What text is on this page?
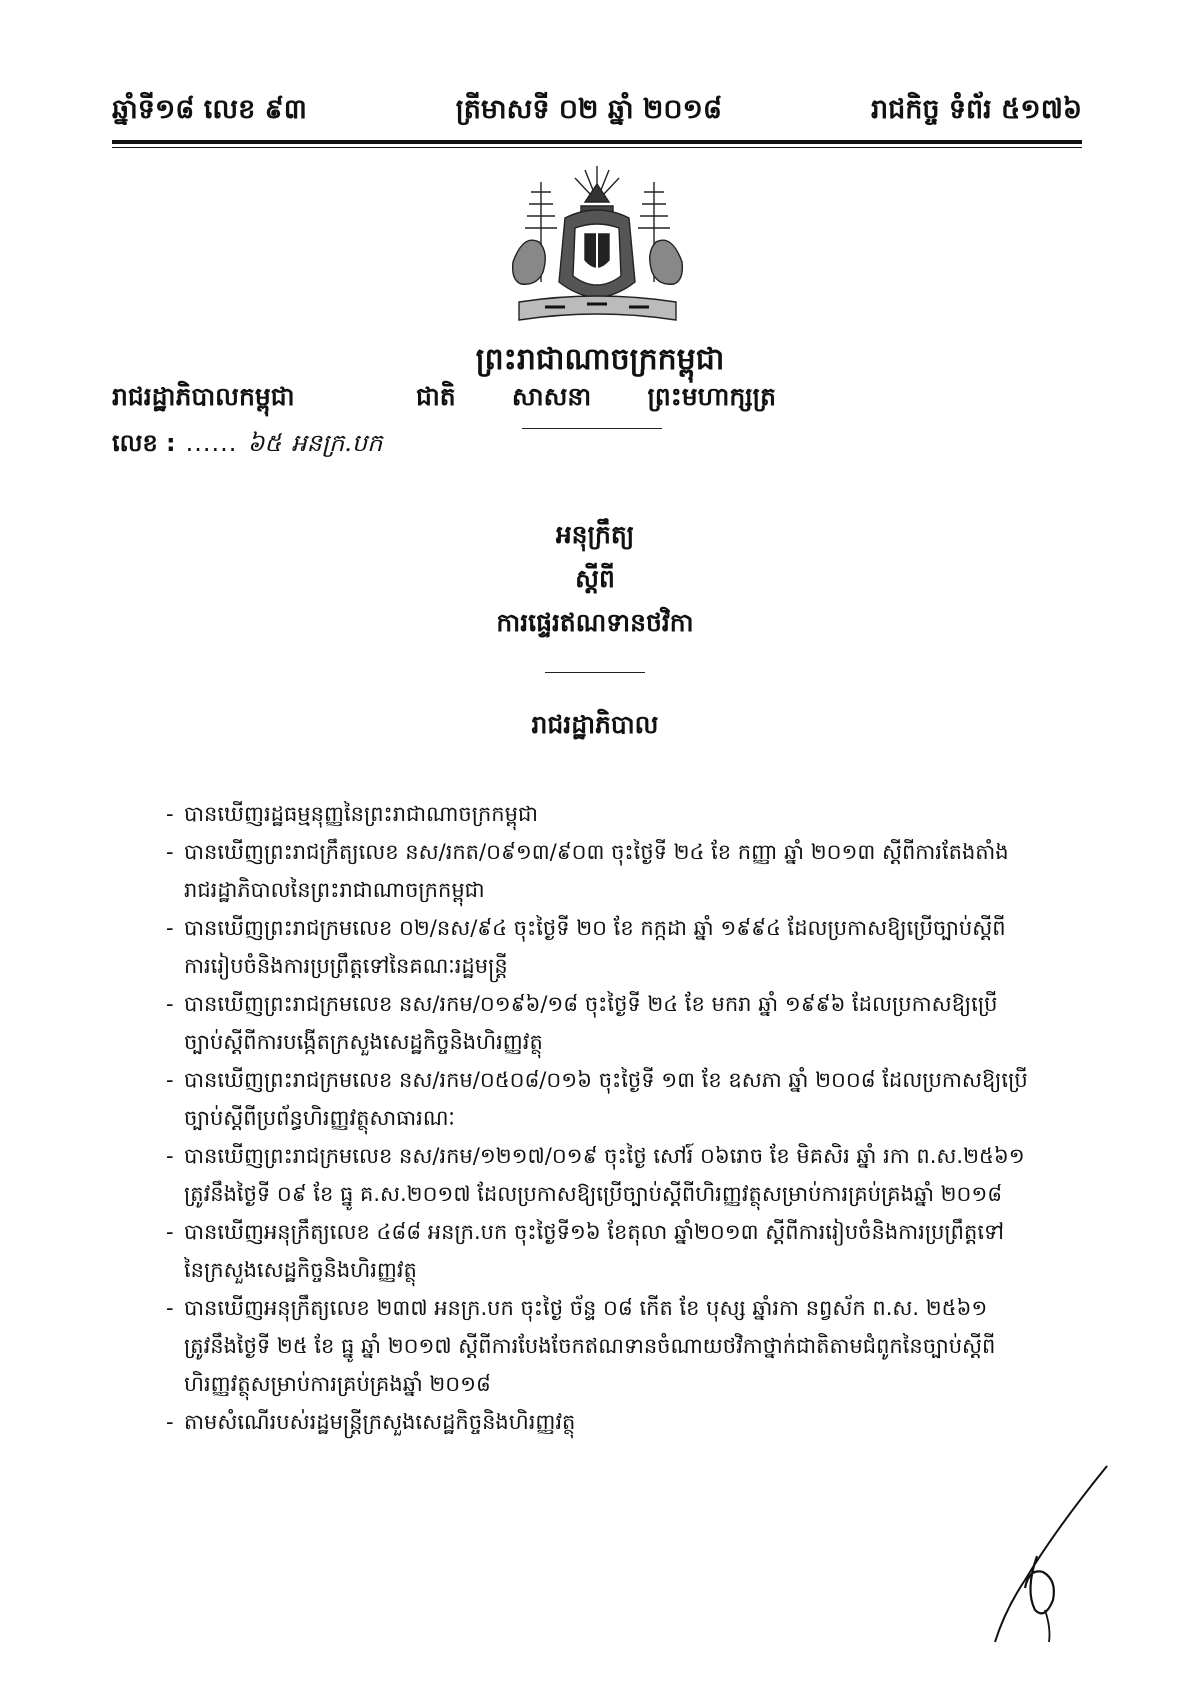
ឆ្នាំទី១៨ លេខ ៩៣	ត្រីមាសទី ០២ ឆ្នាំ ២០១៨	រាជកិច្ច ទំព័រ ៥១៧៦
ព្រះរាជាណាចក្រកម្ពុជា
រាជរដ្ឋាភិបាលកម្ពុជា	ជាតិ សាសនា ព្រះមហាក្សត្រ
លេខ : ...... ៦៥ អនក្រ.បក
អនុក្រឹត្យ
ស្តីពី
ការផ្ទេរឥណទានថវិកា
រាជរដ្ឋាភិបាល
- បានឃើញរដ្ឋធម្មនុញ្ញនៃព្រះរាជាណាចក្រកម្ពុជា
- បានឃើញព្រះរាជក្រឹត្យលេខ នស/រកត/០៩១៣/៩០៣ ចុះថ្ងៃទី ២៤ ខែ កញ្ញា ឆ្នាំ ២០១៣ ស្តីពីការតែងតាំង
រាជរដ្ឋាភិបាលនៃព្រះរាជាណាចក្រកម្ពុជា
- បានឃើញព្រះរាជក្រមលេខ ០២/នស/៩៤ ចុះថ្ងៃទី ២០ ខែ កក្កដា ឆ្នាំ ១៩៩៤ ដែលប្រកាសឱ្យប្រើច្បាប់ស្តីពី
ការរៀបចំនិងការប្រព្រឹត្តទៅនៃគណៈរដ្ឋមន្ត្រី
- បានឃើញព្រះរាជក្រមលេខ នស/រកម/០១៩៦/១៨ ចុះថ្ងៃទី ២៤ ខែ មករា ឆ្នាំ ១៩៩៦ ដែលប្រកាសឱ្យប្រើ
ច្បាប់ស្តីពីការបង្កើតក្រសួងសេដ្ឋកិច្ចនិងហិរញ្ញវត្ថុ
- បានឃើញព្រះរាជក្រមលេខ នស/រកម/០៥០៨/០១៦ ចុះថ្ងៃទី ១៣ ខែ ឧសភា ឆ្នាំ ២០០៨ ដែលប្រកាសឱ្យប្រើ
ច្បាប់ស្តីពីប្រព័ន្ធហិរញ្ញវត្ថុសាធារណៈ
- បានឃើញព្រះរាជក្រមលេខ នស/រកម/១២១៧/០១៩ ចុះថ្ងៃ សៅរ៍ ០៦រោច ខែ មិគសិរ ឆ្នាំ រកា ព.ស.២៥៦១
ត្រូវនឹងថ្ងៃទី ០៩ ខែ ធ្នូ គ.ស.២០១៧ ដែលប្រកាសឱ្យប្រើច្បាប់ស្តីពីហិរញ្ញវត្ថុសម្រាប់ការគ្រប់គ្រងឆ្នាំ ២០១៨
- បានឃើញអនុក្រឹត្យលេខ ៤៨៨ អនក្រ.បក ចុះថ្ងៃទី១៦ ខែតុលា ឆ្នាំ២០១៣ ស្តីពីការរៀបចំនិងការប្រព្រឹត្តទៅ
នៃក្រសួងសេដ្ឋកិច្ចនិងហិរញ្ញវត្ថុ
- បានឃើញអនុក្រឹត្យលេខ ២៣៧ អនក្រ.បក ចុះថ្ងៃ ច័ន្ទ ០៨ កើត ខែ បុស្ស ឆ្នាំរកា នព្វស័ក ព.ស. ២៥៦១
ត្រូវនឹងថ្ងៃទី ២៥ ខែ ធ្នូ ឆ្នាំ ២០១៧ ស្តីពីការបែងចែកឥណទានចំណាយថវិកាថ្នាក់ជាតិតាមជំពូកនៃច្បាប់ស្តីពី
ហិរញ្ញវត្ថុសម្រាប់ការគ្រប់គ្រងឆ្នាំ ២០១៨
- តាមសំណើរបស់រដ្ឋមន្ត្រីក្រសួងសេដ្ឋកិច្ចនិងហិរញ្ញវត្ថុ
